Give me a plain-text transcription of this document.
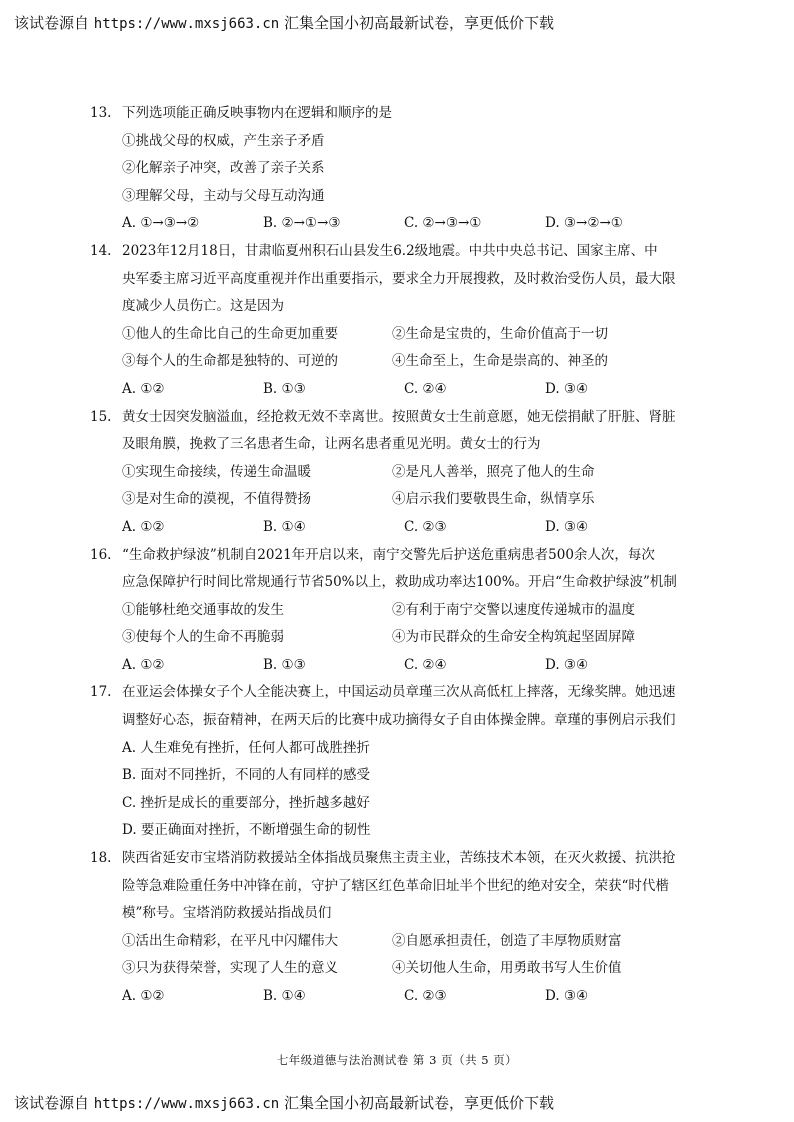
该试卷源自 https://www.mxsj663.cn 汇集全国小初高最新试卷，享更低价下载
13. 下列选项能正确反映事物内在逻辑和顺序的是
①挑战父母的权威，产生亲子矛盾
②化解亲子冲突，改善了亲子关系
③理解父母，主动与父母互动沟通
A. ①→③→②	B. ②→①→③	C. ②→③→①	D. ③→②→①
14. 2023年12月18日，甘肃临夏州积石山县发生6.2级地震。中共中央总书记、国家主席、中
央军委主席习近平高度重视并作出重要指示，要求全力开展搜救，及时救治受伤人员，最大限
度减少人员伤亡。这是因为
①他人的生命比自己的生命更加重要	②生命是宝贵的，生命价值高于一切
③每个人的生命都是独特的、可逆的	④生命至上，生命是崇高的、神圣的
A. ①②	B. ①③	C. ②④	D. ③④
15. 黄女士因突发脑溢血，经抢救无效不幸离世。按照黄女士生前意愿，她无偿捐献了肝脏、肾脏
及眼角膜，挽救了三名患者生命，让两名患者重见光明。黄女士的行为
①实现生命接续，传递生命温暖	②是凡人善举，照亮了他人的生命
③是对生命的漠视，不值得赞扬	④启示我们要敬畏生命，纵情享乐
A. ①②	B. ①④	C. ②③	D. ③④
16. “生命救护绿波”机制自2021年开启以来，南宁交警先后护送危重病患者500余人次，每次
应急保障护行时间比常规通行节省50%以上，救助成功率达100%。开启“生命救护绿波”机制
①能够杜绝交通事故的发生	②有利于南宁交警以速度传递城市的温度
③使每个人的生命不再脆弱	④为市民群众的生命安全构筑起坚固屏障
A. ①②	B. ①③	C. ②④	D. ③④
17. 在亚运会体操女子个人全能决赛上，中国运动员章瑾三次从高低杠上摔落，无缘奖牌。她迅速
调整好心态，振奋精神，在两天后的比赛中成功摘得女子自由体操金牌。章瑾的事例启示我们
A. 人生难免有挫折，任何人都可战胜挫折
B. 面对不同挫折，不同的人有同样的感受
C. 挫折是成长的重要部分，挫折越多越好
D. 要正确面对挫折，不断增强生命的韧性
18. 陕西省延安市宝塔消防救援站全体指战员聚焦主责主业，苦练技术本领，在灭火救援、抗洪抢
险等急难险重任务中冲锋在前，守护了辖区红色革命旧址半个世纪的绝对安全，荣获“时代楷
模”称号。宝塔消防救援站指战员们
①活出生命精彩，在平凡中闪耀伟大	②自愿承担责任，创造了丰厚物质财富
③只为获得荣誉，实现了人生的意义	④关切他人生命，用勇敢书写人生价值
A. ①②	B. ①④	C. ②③	D. ③④
七年级道德与法治测试卷 第 3 页（共 5 页）
该试卷源自 https://www.mxsj663.cn 汇集全国小初高最新试卷，享更低价下载
